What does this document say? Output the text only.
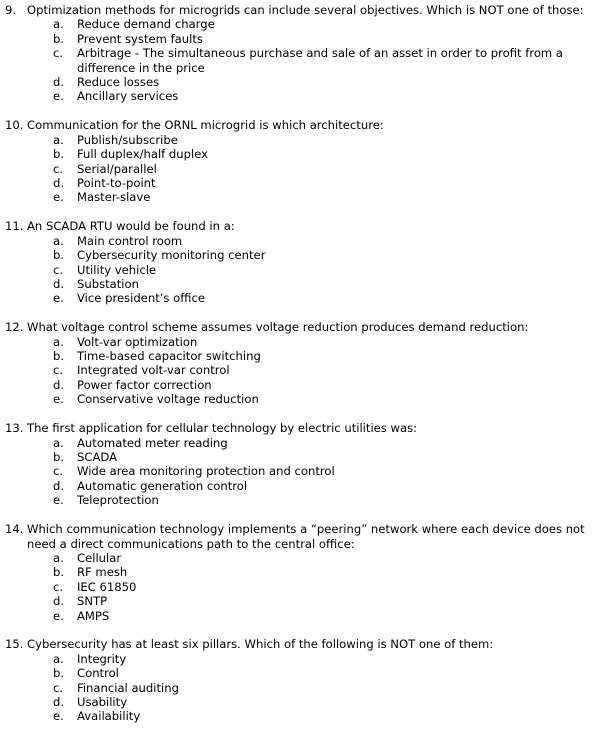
9. Optimization methods for microgrids can include several objectives. Which is NOT one of those:
a.	Reduce demand charge
b.	Prevent system faults
c.	Arbitrage - The simultaneous purchase and sale of an asset in order to profit from a difference in the price
d.	Reduce losses
e.	Ancillary services
10. Communication for the ORNL microgrid is which architecture:
a.	Publish/subscribe
b.	Full duplex/half duplex
c.	Serial/parallel
d.	Point-to-point
e.	Master-slave
11. An SCADA RTU would be found in a:
a.	Main control room
b.	Cybersecurity monitoring center
c.	Utility vehicle
d.	Substation
e.	Vice president’s office
12. What voltage control scheme assumes voltage reduction produces demand reduction:
a.	Volt-var optimization
b.	Time-based capacitor switching
c.	Integrated volt-var control
d.	Power factor correction
e.	Conservative voltage reduction
13. The first application for cellular technology by electric utilities was:
a.	Automated meter reading
b.	SCADA
c.	Wide area monitoring protection and control
d.	Automatic generation control
e.	Teleprotection
14. Which communication technology implements a “peering” network where each device does not need a direct communications path to the central office:
a.	Cellular
b.	RF mesh
c.	IEC 61850
d.	SNTP
e.	AMPS
15. Cybersecurity has at least six pillars. Which of the following is NOT one of them:
a.	Integrity
b.	Control
c.	Financial auditing
d.	Usability
e.	Availability
